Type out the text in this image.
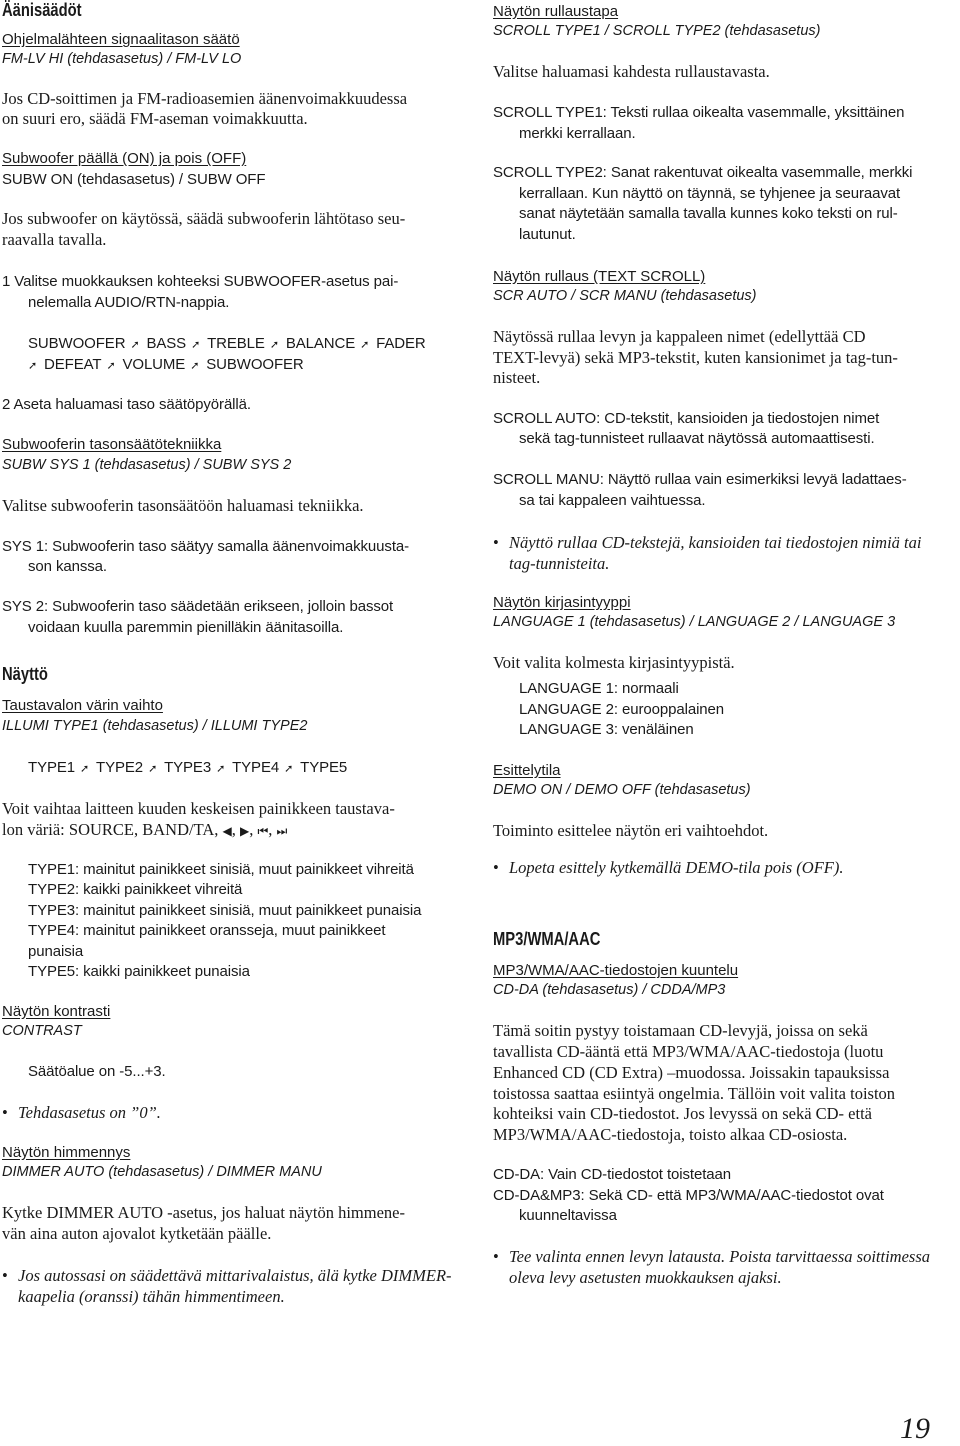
Äänisäädöt
Ohjelmalähteen signaalitason säätö
FM-LV HI (tehdasasetus) / FM-LV LO
Jos CD-soittimen ja FM-radioasemien äänenvoimakkuudessa
on suuri ero, säädä FM-aseman voimakkuutta.
Subwoofer päällä (ON) ja pois (OFF)
SUBW ON (tehdasasetus) / SUBW OFF
Jos subwoofer on käytössä, säädä subwooferin lähtötaso seu-
raavalla tavalla.
1 Valitse muokkauksen kohteeksi SUBWOOFER-asetus pai-
nelemalla AUDIO/RTN-nappia.
SUBWOOFER ➚ BASS ➚ TREBLE ➚ BALANCE ➚ FADER
➚ DEFEAT ➚ VOLUME ➚ SUBWOOFER
2 Aseta haluamasi taso säätöpyörällä.
Subwooferin tasonsäätötekniikka
SUBW SYS 1 (tehdasasetus) / SUBW SYS 2
Valitse subwooferin tasonsäätöön haluamasi tekniikka.
SYS 1: Subwooferin taso säätyy samalla äänenvoimakkuusta-
son kanssa.
SYS 2: Subwooferin taso säädetään erikseen, jolloin bassot
voidaan kuulla paremmin pienilläkin äänitasoilla.
Näyttö
Taustavalon värin vaihto
ILLUMI TYPE1 (tehdasasetus) / ILLUMI TYPE2
TYPE1 ➚ TYPE2 ➚ TYPE3 ➚ TYPE4 ➚ TYPE5
Voit vaihtaa laitteen kuuden keskeisen painikkeen taustava-
lon väriä: SOURCE, BAND/TA, ◀, ▶, ⏮, ⏭
TYPE1: mainitut painikkeet sinisiä, muut painikkeet vihreitä
TYPE2: kaikki painikkeet vihreitä
TYPE3: mainitut painikkeet sinisiä, muut painikkeet punaisia
TYPE4: mainitut painikkeet oranssejа, muut painikkeet
punaisia
TYPE5: kaikki painikkeet punaisia
Näytön kontrasti
CONTRAST
Säätöalue on -5...+3.
• Tehdasasetus on ”0”.
Näytön himmennys
DIMMER AUTO (tehdasasetus) / DIMMER MANU
Kytke DIMMER AUTO -asetus, jos haluat näytön himmene-
vän aina auton ajovalot kytketään päälle.
• Jos autossasi on säädettävä mittarivalaistus, älä kytke DIMMER-
kaapelia (oranssi) tähän himmentimeen.
Näytön rullaustapa
SCROLL TYPE1 / SCROLL TYPE2 (tehdasasetus)
Valitse haluamasi kahdesta rullaustavasta.
SCROLL TYPE1: Teksti rullaa oikealta vasemmalle, yksittäinen
merkki kerrallaan.
SCROLL TYPE2: Sanat rakentuvat oikealta vasemmalle, merkki
kerrallaan. Kun näyttö on täynnä, se tyhjenee ja seuraavat
sanat näytetään samalla tavalla kunnes koko teksti on rul-
lautunut.
Näytön rullaus (TEXT SCROLL)
SCR AUTO / SCR MANU (tehdasasetus)
Näytössä rullaa levyn ja kappaleen nimet (edellyttää CD
TEXT-levyä) sekä MP3-tekstit, kuten kansionimet ja tag-tun-
nisteet.
SCROLL AUTO: CD-tekstit, kansioiden ja tiedostojen nimet
sekä tag-tunnisteet rullaavat näytössä automaattisesti.
SCROLL MANU: Näyttö rullaa vain esimerkiksi levyä ladattaes-
sa tai kappaleen vaihtuessa.
• Näyttö rullaa CD-tekstejä, kansioiden tai tiedostojen nimiä tai
tag-tunnisteita.
Näytön kirjasintyyppi
LANGUAGE 1 (tehdasasetus) / LANGUAGE 2 / LANGUAGE 3
Voit valita kolmesta kirjasintyypistä.
LANGUAGE 1: normaali
LANGUAGE 2: eurooppalainen
LANGUAGE 3: venäläinen
Esittelytila
DEMO ON / DEMO OFF (tehdasasetus)
Toiminto esittelee näytön eri vaihtoehdot.
• Lopeta esittely kytkemällä DEMO-tila pois (OFF).
MP3/WMA/AAC
MP3/WMA/AAC-tiedostojen kuuntelu
CD-DA (tehdasasetus) / CDDA/MP3
Tämä soitin pystyy toistamaan CD-levyjä, joissa on sekä
tavallista CD-ääntä että MP3/WMA/AAC-tiedostoja (luotu
Enhanced CD (CD Extra) –muodossa. Joissakin tapauksissa
toistossa saattaa esiintyä ongelmia. Tällöin voit valita toiston
kohteiksi vain CD-tiedostot. Jos levyssä on sekä CD- että
MP3/WMA/AAC-tiedostoja, toisto alkaa CD-osiosta.
CD-DA: Vain CD-tiedostot toistetaan
CD-DA&MP3: Sekä CD- että MP3/WMA/AAC-tiedostot ovat
kuunneltavissa
• Tee valinta ennen levyn latausta. Poista tarvittaessa soittimessa
oleva levy asetusten muokkauksen ajaksi.
19
